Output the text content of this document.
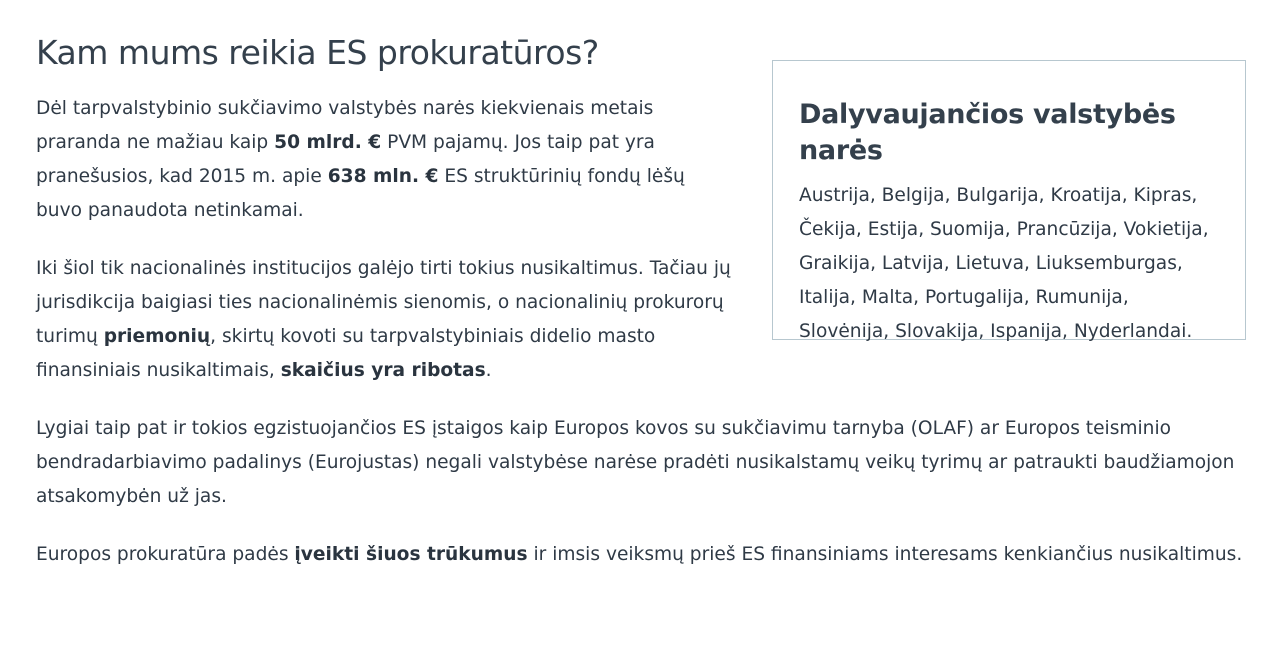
Kam mums reikia ES prokuratūros?
Dalyvaujančios valstybės narės

Austrija, Belgija, Bulgarija, Kroatija, Kipras, Čekija, Estija, Suomija, Prancūzija, Vokietija, Graikija, Latvija, Lietuva, Liuksemburgas, Italija, Malta, Portugalija, Rumunija, Slovėnija, Slovakija, Ispanija, Nyderlandai.

Dėl tarpvalstybinio sukčiavimo valstybės narės kiekvienais metais praranda ne mažiau kaip 50 mlrd. € PVM pajamų. Jos taip pat yra pranešusios, kad 2015 m. apie 638 mln. € ES struktūrinių fondų lėšų buvo panaudota netinkamai.

Iki šiol tik nacionalinės institucijos galėjo tirti tokius nusikaltimus. Tačiau jų jurisdikcija baigiasi ties nacionalinėmis sienomis, o nacionalinių prokurorų turimų priemonių, skirtų kovoti su tarpvalstybiniais didelio masto finansiniais nusikaltimais, skaičius yra ribotas.

Lygiai taip pat ir tokios egzistuojančios ES įstaigos kaip Europos kovos su sukčiavimu tarnyba (OLAF) ar Europos teisminio bendradarbiavimo padalinys (Eurojustas) negali valstybėse narėse pradėti nusikalstamų veikų tyrimų ar patraukti baudžiamojon atsakomybėn už jas.

Europos prokuratūra padės įveikti šiuos trūkumus ir imsis veiksmų prieš ES finansiniams interesams kenkiančius nusikaltimus.
